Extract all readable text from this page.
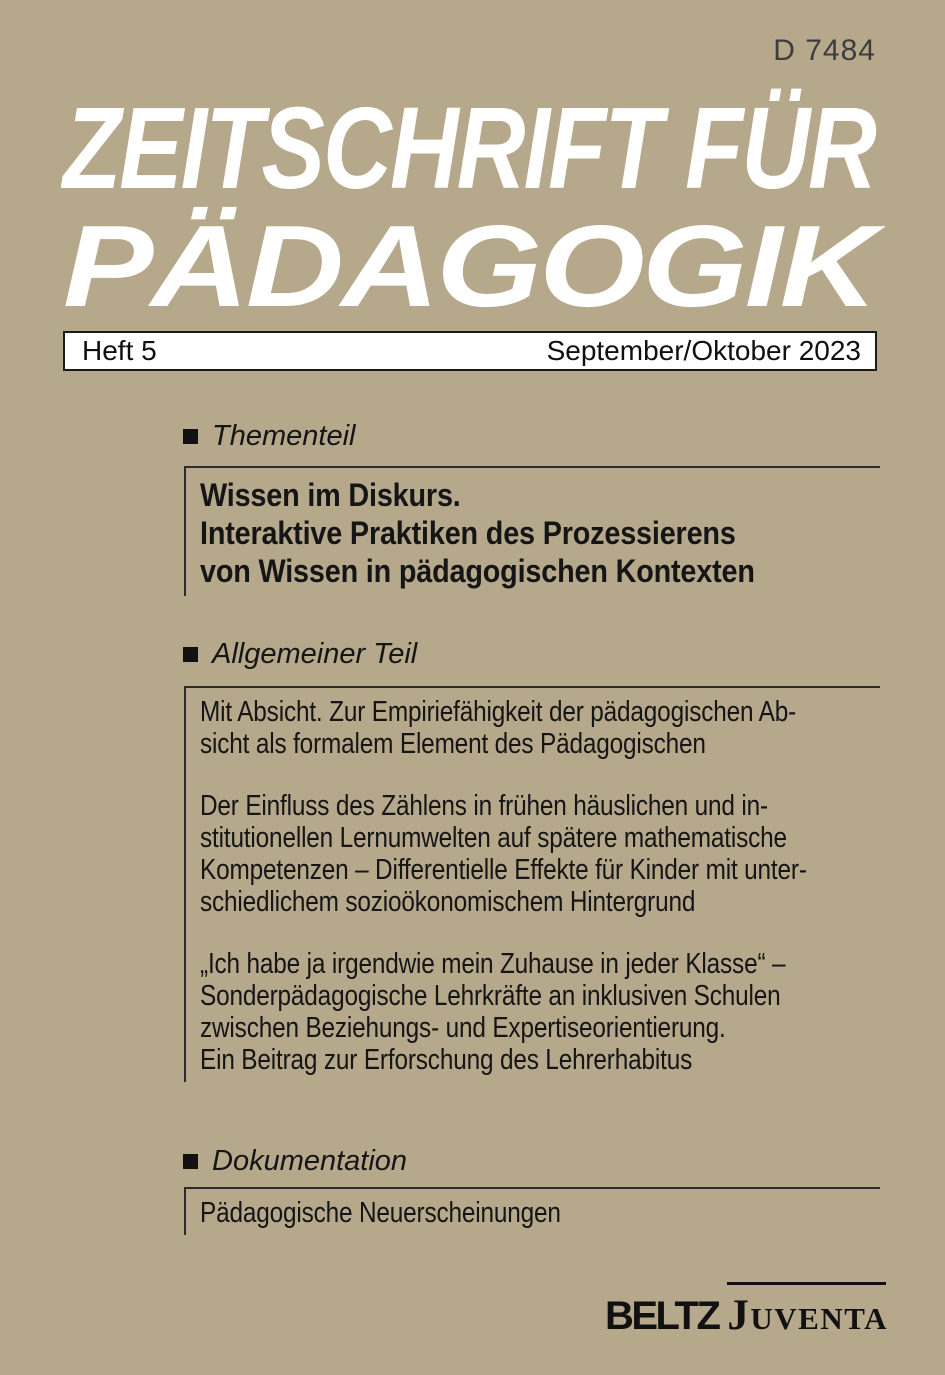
D 7484
ZEITSCHRIFT FÜR
PÄDAGOGIK
Heft 5	September/Oktober 2023
Thementeil
Wissen im Diskurs.
Interaktive Praktiken des Prozessierens
von Wissen in pädagogischen Kontexten
Allgemeiner Teil
Mit Absicht. Zur Empiriefähigkeit der pädagogischen Ab-
sicht als formalem Element des Pädagogischen
Der Einfluss des Zählens in frühen häuslichen und in-
stitutionellen Lernumwelten auf spätere mathematische
Kompetenzen – Differentielle Effekte für Kinder mit unter-
schiedlichem sozioökonomischem Hintergrund
„Ich habe ja irgendwie mein Zuhause in jeder Klasse“ –
Sonderpädagogische Lehrkräfte an inklusiven Schulen
zwischen Beziehungs- und Expertiseorientierung.
Ein Beitrag zur Erforschung des Lehrerhabitus
Dokumentation
Pädagogische Neuerscheinungen
BELTZ JUVENTA
